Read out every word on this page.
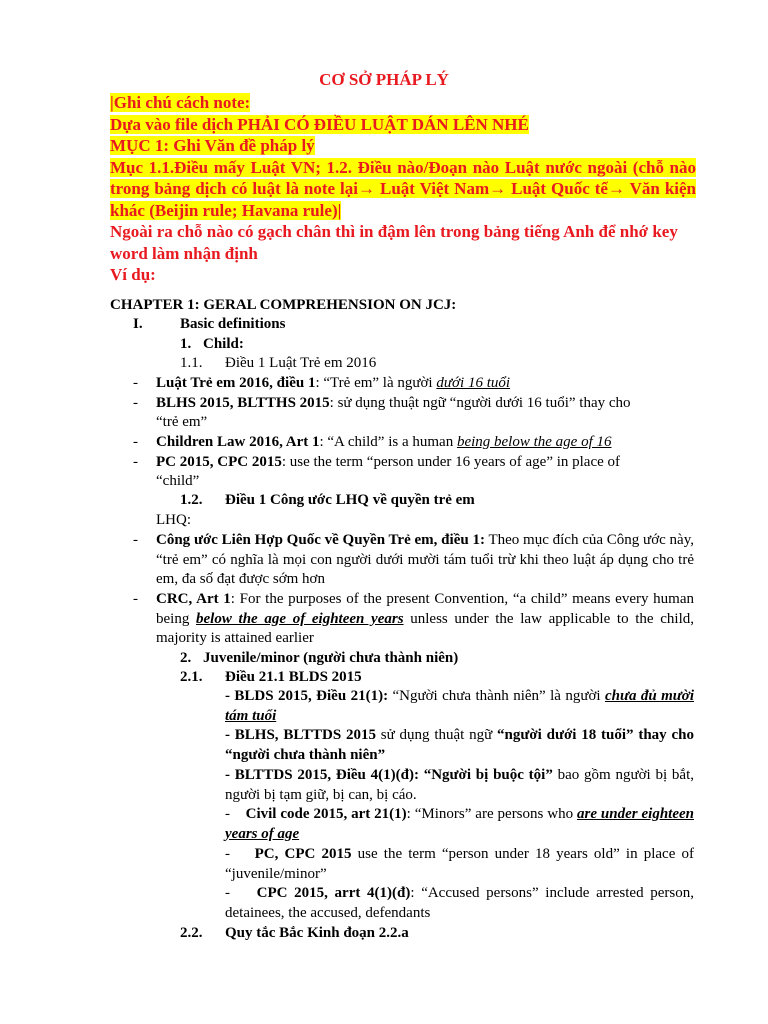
CƠ SỞ PHÁP LÝ
|Ghi chú cách note:
Dựa vào file dịch PHẢI CÓ ĐIỀU LUẬT DÁN LÊN NHÉ
MỤC 1: Ghi Văn đề pháp lý
Mục 1.1.Điều mấy Luật VN; 1.2. Điều nào/Đoạn nào Luật nước ngoài (chỗ nào trong bảng dịch có luật là note lại→ Luật Việt Nam→ Luật Quốc tế→ Văn kiện khác (Beijin rule; Havana rule)|
Ngoài ra chỗ nào có gạch chân thì in đậm lên trong bảng tiếng Anh để nhớ key word làm nhận định
Ví dụ:
CHAPTER 1: GERAL COMPREHENSION ON JCJ:
I. Basic definitions
1. Child:
1.1. Điều 1 Luật Trẻ em 2016
- Luật Trẻ em 2016, điều 1: “Trẻ em” là người dưới 16 tuổi
- BLHS 2015, BLTTHS 2015: sử dụng thuật ngữ “người dưới 16 tuổi” thay cho
“trẻ em”
- Children Law 2016, Art 1: “A child” is a human being below the age of 16
- PC 2015, CPC 2015: use the term “person under 16 years of age” in place of
“child”
1.2. Điều 1 Công ước LHQ về quyền trẻ em
LHQ:
- Công ước Liên Hợp Quốc về Quyền Trẻ em, điều 1: Theo mục đích của Công ước này, “trẻ em” có nghĩa là mọi con người dưới mười tám tuổi trừ khi theo luật áp dụng cho trẻ em, đa số đạt được sớm hơn
- CRC, Art 1: For the purposes of the present Convention, “a child” means every human being below the age of eighteen years unless under the law applicable to the child, majority is attained earlier
2. Juvenile/minor (người chưa thành niên)
2.1. Điều 21.1 BLDS 2015
- BLDS 2015, Điều 21(1): “Người chưa thành niên” là người chưa đủ mười tám tuổi
- BLHS, BLTTDS 2015 sử dụng thuật ngữ “người dưới 18 tuổi” thay cho “người chưa thành niên”
- BLTTDS 2015, Điều 4(1)(đ): “Người bị buộc tội” bao gồm người bị bắt, người bị tạm giữ, bị can, bị cáo.
- Civil code 2015, art 21(1): “Minors” are persons who are under eighteen years of age
- PC, CPC 2015 use the term “person under 18 years old” in place of “juvenile/minor”
- CPC 2015, arrt 4(1)(đ): “Accused persons” include arrested person, detainees, the accused, defendants
2.2. Quy tắc Bắc Kinh đoạn 2.2.a
